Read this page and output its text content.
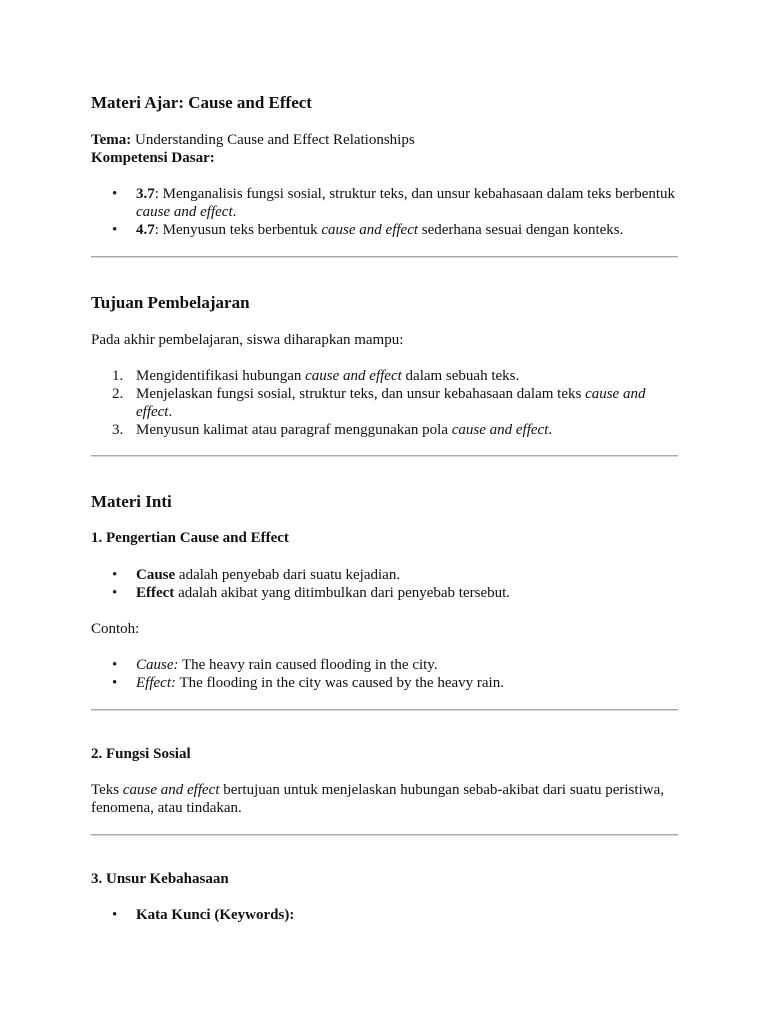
Materi Ajar: Cause and Effect

Tema: Understanding Cause and Effect Relationships

Kompetensi Dasar:

• 3.7: Menganalisis fungsi sosial, struktur teks, dan unsur kebahasaan dalam teks berbentuk cause and effect.
• 4.7: Menyusun teks berbentuk cause and effect sederhana sesuai dengan konteks.
Tujuan Pembelajaran

Pada akhir pembelajaran, siswa diharapkan mampu:

1. Mengidentifikasi hubungan cause and effect dalam sebuah teks.
2. Menjelaskan fungsi sosial, struktur teks, dan unsur kebahasaan dalam teks cause and effect.
3. Menyusun kalimat atau paragraf menggunakan pola cause and effect.
Materi Inti
1. Pengertian Cause and Effect
• Cause adalah penyebab dari suatu kejadian.
• Effect adalah akibat yang ditimbulkan dari penyebab tersebut.

Contoh:

• Cause: The heavy rain caused flooding in the city.
• Effect: The flooding in the city was caused by the heavy rain.
2. Fungsi Sosial

Teks cause and effect bertujuan untuk menjelaskan hubungan sebab-akibat dari suatu peristiwa, fenomena, atau tindakan.

3. Unsur Kebahasaan
• Kata Kunci (Keywords):
